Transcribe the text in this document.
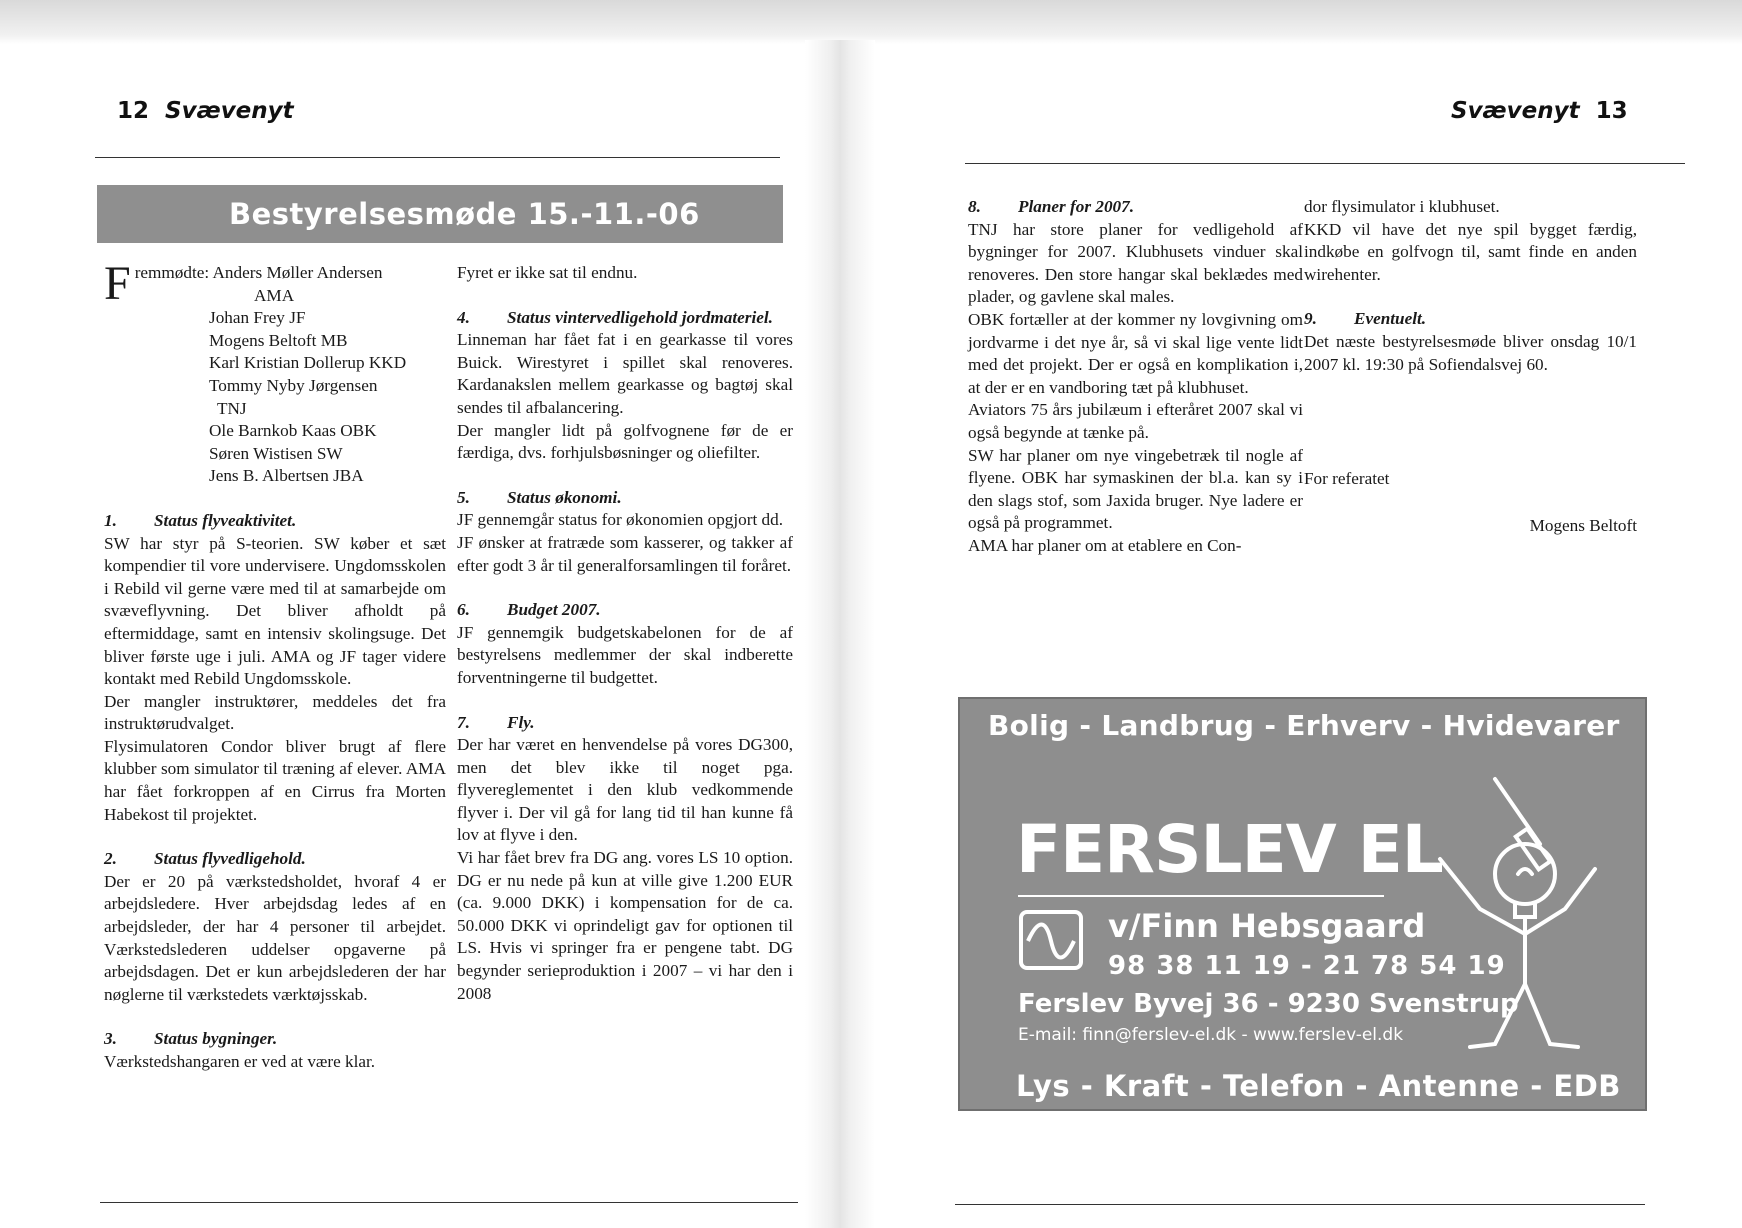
12 Svævenyt
Bestyrelsesmøde 15.-11.-06
F remmødte: Anders Møller Andersen

AMA

Johan Frey JF

Mogens Beltoft MB

Karl Kristian Dollerup KKD

Tommy Nyby Jørgensen

TNJ

Ole Barnkob Kaas OBK

Søren Wistisen SW

Jens B. Albertsen JBA

1. Status flyveaktivitet.

SW har styr på S-teorien. SW køber et sæt kompendier til vore undervisere. Ungdomsskolen i Rebild vil gerne være med til at samarbejde om svæveflyvning. Det bliver afholdt på eftermiddage, samt en intensiv skolingsuge. Det bliver første uge i juli. AMA og JF tager videre kontakt med Rebild Ungdomsskole.

Der mangler instruktører, meddeles det fra instruktørudvalget.

Flysimulatoren Condor bliver brugt af flere klubber som simulator til træning af elever. AMA har fået forkroppen af en Cirrus fra Morten Habekost til projektet.

2. Status flyvedligehold.

Der er 20 på værkstedsholdet, hvoraf 4 er arbejdsledere. Hver arbejdsdag ledes af en arbejdsleder, der har 4 personer til arbejdet. Værkstedslederen uddelser opgaverne på arbejdsdagen. Det er kun arbejdslederen der har nøglerne til værkstedets værktøjsskab.

3. Status bygninger.

Værkstedshangaren er ved at være klar.

Fyret er ikke sat til endnu.

4. Status vintervedligehold jordmateriel.

Linneman har fået fat i en gearkasse til vores Buick. Wirestyret i spillet skal renoveres. Kardanakslen mellem gearkasse og bagtøj skal sendes til afbalancering.

Der mangler lidt på golfvognene før de er færdiga, dvs. forhjulsbøsninger og oliefilter.

5. Status økonomi.

JF gennemgår status for økonomien opgjort dd.

JF ønsker at fratræde som kasserer, og takker af efter godt 3 år til generalforsamlingen til foråret.

6. Budget 2007.

JF gennemgik budgetskabelonen for de af bestyrelsens medlemmer der skal indberette forventningerne til budgettet.

7. Fly.

Der har været en henvendelse på vores DG300, men det blev ikke til noget pga. flyvereglementet i den klub vedkommende flyver i. Der vil gå for lang tid til han kunne få lov at flyve i den.

Vi har fået brev fra DG ang. vores LS 10 option. DG er nu nede på kun at ville give 1.200 EUR (ca. 9.000 DKK) i kompensation for de ca. 50.000 DKK vi oprindeligt gav for optionen til LS. Hvis vi springer fra er pengene tabt. DG begynder serieproduktion i 2007 – vi har den i 2008

Svævenyt 13

8. Planer for 2007.

TNJ har store planer for vedligehold af bygninger for 2007. Klubhusets vinduer skal renoveres. Den store hangar skal beklædes med plader, og gavlene skal males.

OBK fortæller at der kommer ny lovgivning om jordvarme i det nye år, så vi skal lige vente lidt med det projekt. Der er også en komplikation i, at der er en vandboring tæt på klubhuset.

Aviators 75 års jubilæum i efteråret 2007 skal vi også begynde at tænke på.

SW har planer om nye vingebetræk til nogle af flyene. OBK har symaskinen der bl.a. kan sy i den slags stof, som Jaxida bruger. Nye ladere er også på programmet.

AMA har planer om at etablere en Con-

dor flysimulator i klubhuset.

KKD vil have det nye spil bygget færdig, indkøbe en golfvogn til, samt finde en anden wirehenter.

9. Eventuelt.

Det næste bestyrelsesmøde bliver onsdag 10/1 2007 kl. 19:30 på Sofiendalsvej 60.

For referatet

Mogens Beltoft

Bolig - Landbrug - Erhverv - Hvidevarer
FERSLEV EL
v/Finn Hebsgaard
98 38 11 19 - 21 78 54 19
Ferslev Byvej 36 - 9230 Svenstrup
E-mail: finn@ferslev-el.dk - www.ferslev-el.dk
Lys - Kraft - Telefon - Antenne - EDB
